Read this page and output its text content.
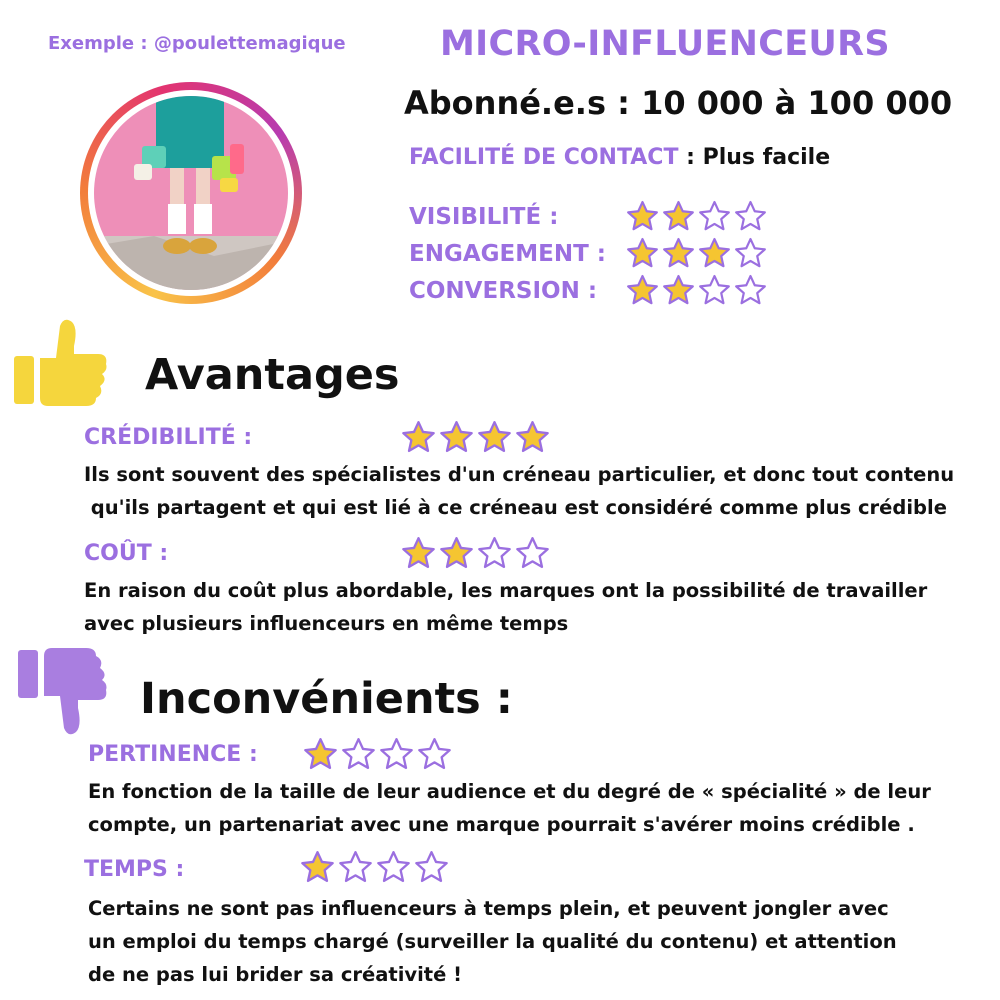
Exemple : @poulettemagique	MICRO-INFLUENCEURS
Abonné.e.s : 10 000 à 100 000
FACILITÉ DE CONTACT : Plus facile
VISIBILITÉ :
ENGAGEMENT :
CONVERSION :
Avantages
CRÉDIBILITÉ :
Ils sont souvent des spécialistes d'un créneau particulier, et donc tout contenu
qu'ils partagent et qui est lié à ce créneau est considéré comme plus crédible
COÛT :
En raison du coût plus abordable, les marques ont la possibilité de travailler
avec plusieurs influenceurs en même temps
Inconvénients :
PERTINENCE :
En fonction de la taille de leur audience et du degré de « spécialité » de leur
compte, un partenariat avec une marque pourrait s'avérer moins crédible .
TEMPS :
Certains ne sont pas influenceurs à temps plein, et peuvent jongler avec
un emploi du temps chargé (surveiller la qualité du contenu) et attention
de ne pas lui brider sa créativité !
